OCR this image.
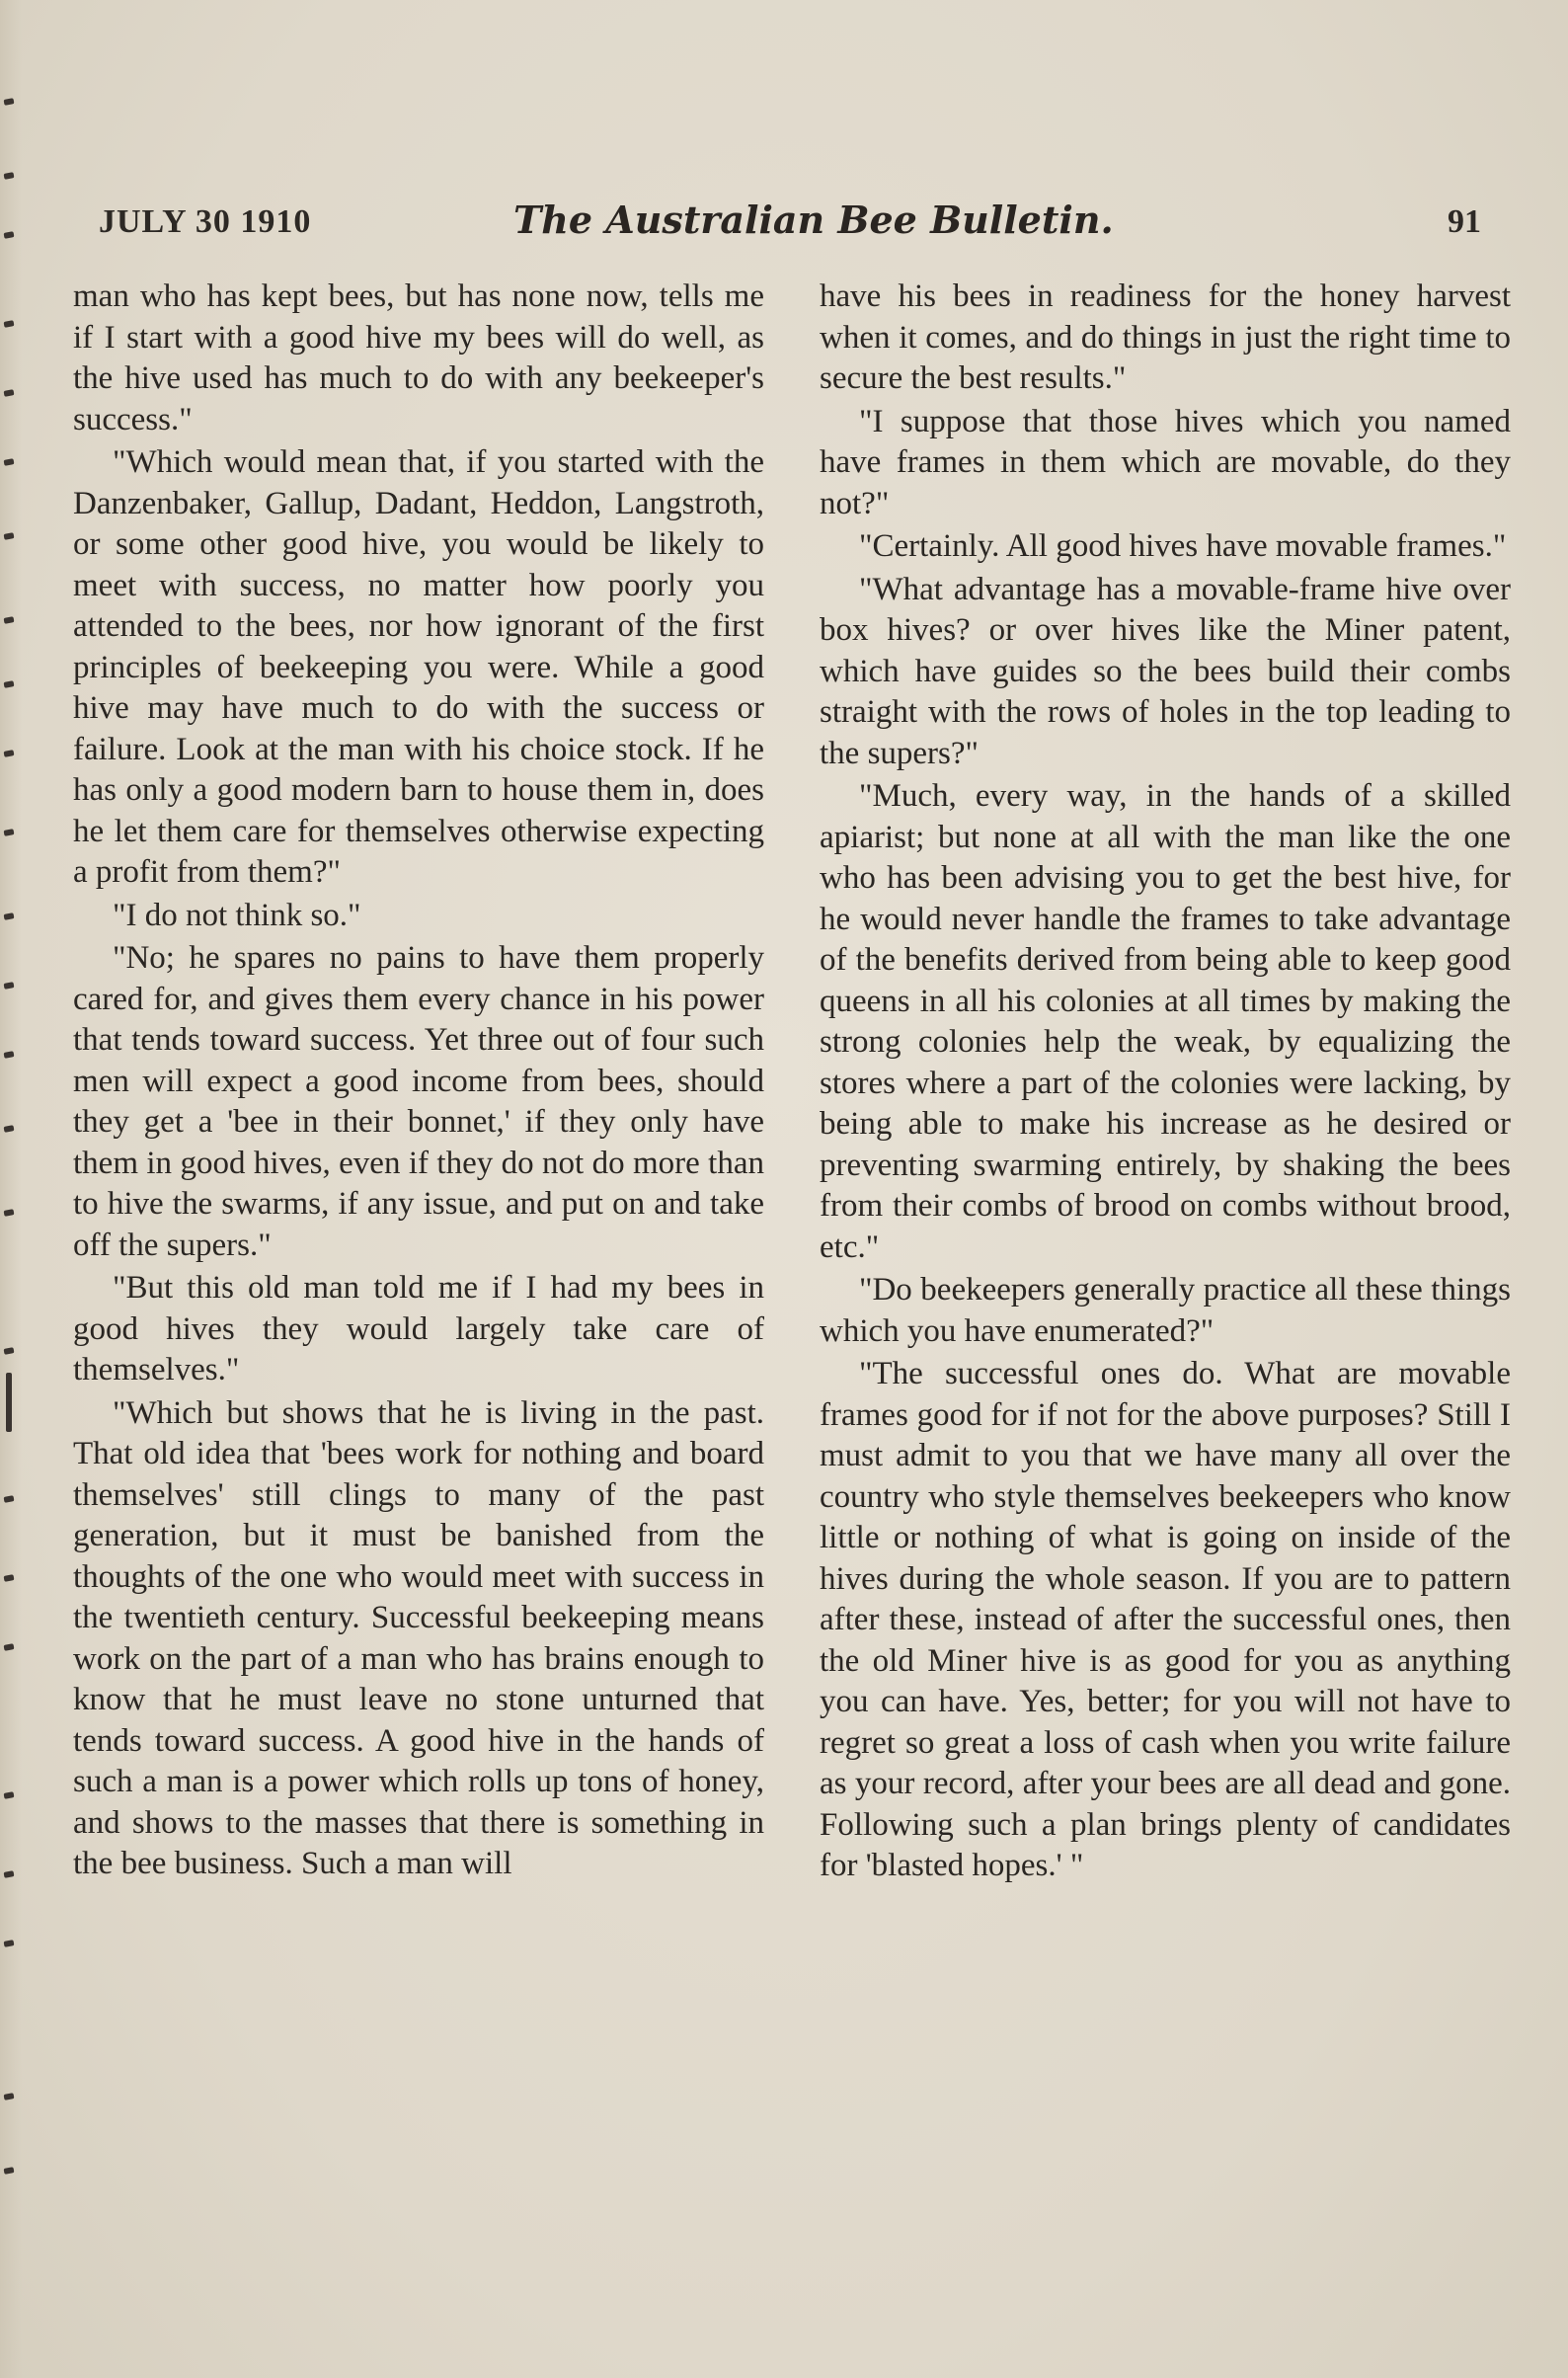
JULY 30 1910	The Australian Bee Bulletin.	91

man who has kept bees, but has none now, tells me if I start with a good hive my bees will do well, as the hive used has much to do with any beekeeper's success."

"Which would mean that, if you started with the Danzenbaker, Gallup, Dadant, Heddon, Langstroth, or some other good hive, you would be likely to meet with success, no matter how poorly you attended to the bees, nor how ignorant of the first principles of beekeeping you were. While a good hive may have much to do with the success or failure. Look at the man with his choice stock. If he has only a good modern barn to house them in, does he let them care for themselves otherwise expecting a profit from them?"

"I do not think so."

"No; he spares no pains to have them properly cared for, and gives them every chance in his power that tends toward success. Yet three out of four such men will expect a good income from bees, should they get a 'bee in their bonnet,' if they only have them in good hives, even if they do not do more than to hive the swarms, if any issue, and put on and take off the supers."

"But this old man told me if I had my bees in good hives they would largely take care of themselves."

"Which but shows that he is living in the past. That old idea that 'bees work for nothing and board themselves' still clings to many of the past generation, but it must be banished from the thoughts of the one who would meet with success in the twentieth century. Successful beekeeping means work on the part of a man who has brains enough to know that he must leave no stone unturned that tends toward success. A good hive in the hands of such a man is a power which rolls up tons of honey, and shows to the masses that there is something in the bee business. Such a man will

have his bees in readiness for the honey harvest when it comes, and do things in just the right time to secure the best results."

"I suppose that those hives which you named have frames in them which are movable, do they not?"

"Certainly. All good hives have movable frames."

"What advantage has a movable-frame hive over box hives? or over hives like the Miner patent, which have guides so the bees build their combs straight with the rows of holes in the top leading to the supers?"

"Much, every way, in the hands of a skilled apiarist; but none at all with the man like the one who has been advising you to get the best hive, for he would never handle the frames to take advantage of the benefits derived from being able to keep good queens in all his colonies at all times by making the strong colonies help the weak, by equalizing the stores where a part of the colonies were lacking, by being able to make his increase as he desired or preventing swarming entirely, by shaking the bees from their combs of brood on combs without brood, etc."

"Do beekeepers generally practice all these things which you have enumerated?"

"The successful ones do. What are movable frames good for if not for the above purposes? Still I must admit to you that we have many all over the country who style themselves beekeepers who know little or nothing of what is going on inside of the hives during the whole season. If you are to pattern after these, instead of after the successful ones, then the old Miner hive is as good for you as anything you can have. Yes, better; for you will not have to regret so great a loss of cash when you write failure as your record, after your bees are all dead and gone. Following such a plan brings plenty of candidates for 'blasted hopes.' "
